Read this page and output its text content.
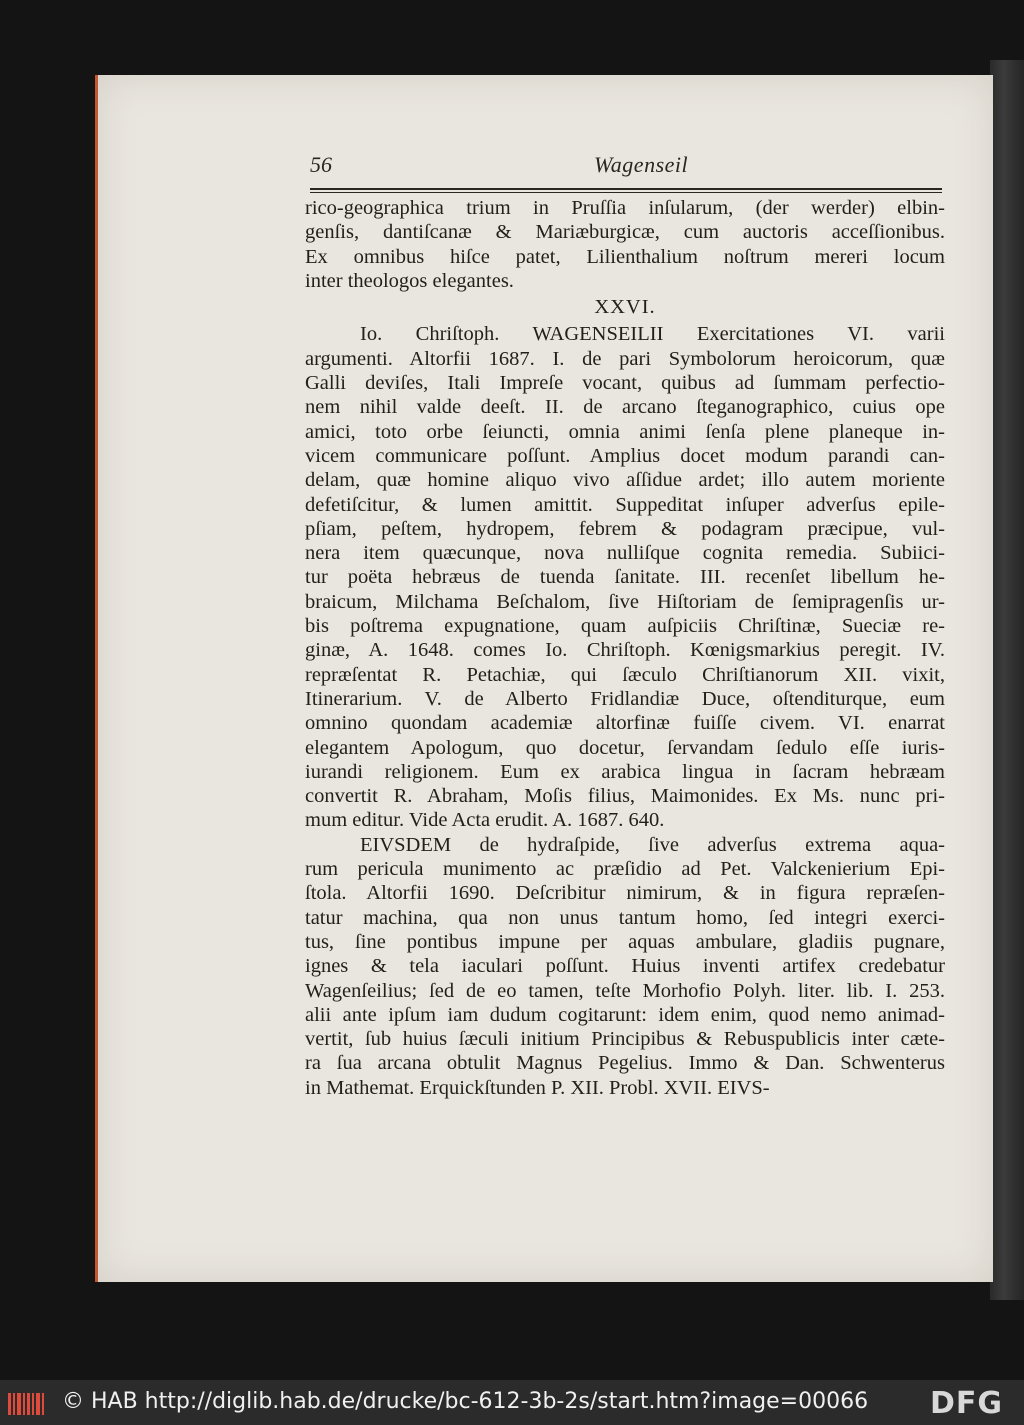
56	Wagenseil
rico-geographica trium in Pruſſia inſularum, (der werder) elbin-
genſis, dantiſcanæ & Mariæburgicæ, cum auctoris acceſſionibus.
Ex omnibus hiſce patet, Lilienthalium noſtrum mereri locum
inter theologos elegantes.
XXVI.
Io. Chriſtoph. WAGENSEILII Exercitationes VI. varii
argumenti. Altorfii 1687. I. de pari Symbolorum heroicorum, quæ
Galli deviſes, Itali Impreſe vocant, quibus ad ſummam perfectio-
nem nihil valde deeſt. II. de arcano ſteganographico, cuius ope
amici, toto orbe ſeiuncti, omnia animi ſenſa plene planeque in-
vicem communicare poſſunt. Amplius docet modum parandi can-
delam, quæ homine aliquo vivo aſſidue ardet; illo autem moriente
defetiſcitur, & lumen amittit. Suppeditat inſuper adverſus epile-
pſiam, peſtem, hydropem, febrem & podagram præcipue, vul-
nera item quæcunque, nova nulliſque cognita remedia. Subiici-
tur poëta hebræus de tuenda ſanitate. III. recenſet libellum he-
braicum, Milchama Beſchalom, ſive Hiſtoriam de ſemipragenſis ur-
bis poſtrema expugnatione, quam auſpiciis Chriſtinæ, Sueciæ re-
ginæ, A. 1648. comes Io. Chriſtoph. Kœnigsmarkius peregit. IV.
repræſentat R. Petachiæ, qui ſæculo Chriſtianorum XII. vixit,
Itinerarium. V. de Alberto Fridlandiæ Duce, oſtenditurque, eum
omnino quondam academiæ altorfinæ fuiſſe civem. VI. enarrat
elegantem Apologum, quo docetur, ſervandam ſedulo eſſe iuris-
iurandi religionem. Eum ex arabica lingua in ſacram hebræam
convertit R. Abraham, Moſis filius, Maimonides. Ex Ms. nunc pri-
mum editur. Vide Acta erudit. A. 1687. 640.
EIVSDEM de hydraſpide, ſive adverſus extrema aqua-
rum pericula munimento ac præſidio ad Pet. Valckenierium Epi-
ſtola. Altorfii 1690. Deſcribitur nimirum, & in figura repræſen-
tatur machina, qua non unus tantum homo, ſed integri exerci-
tus, ſine pontibus impune per aquas ambulare, gladiis pugnare,
ignes & tela iaculari poſſunt. Huius inventi artifex credebatur
Wagenſeilius; ſed de eo tamen, teſte Morhofio Polyh. liter. lib. I. 253.
alii ante ipſum iam dudum cogitarunt: idem enim, quod nemo animad-
vertit, ſub huius ſæculi initium Principibus & Rebuspublicis inter cæte-
ra ſua arcana obtulit Magnus Pegelius. Immo & Dan. Schwenterus
in Mathemat. Erquickſtunden P. XII. Probl. XVII. EIVS-
© HAB http://diglib.hab.de/drucke/bc-612-3b-2s/start.htm?image=00066 DFG
